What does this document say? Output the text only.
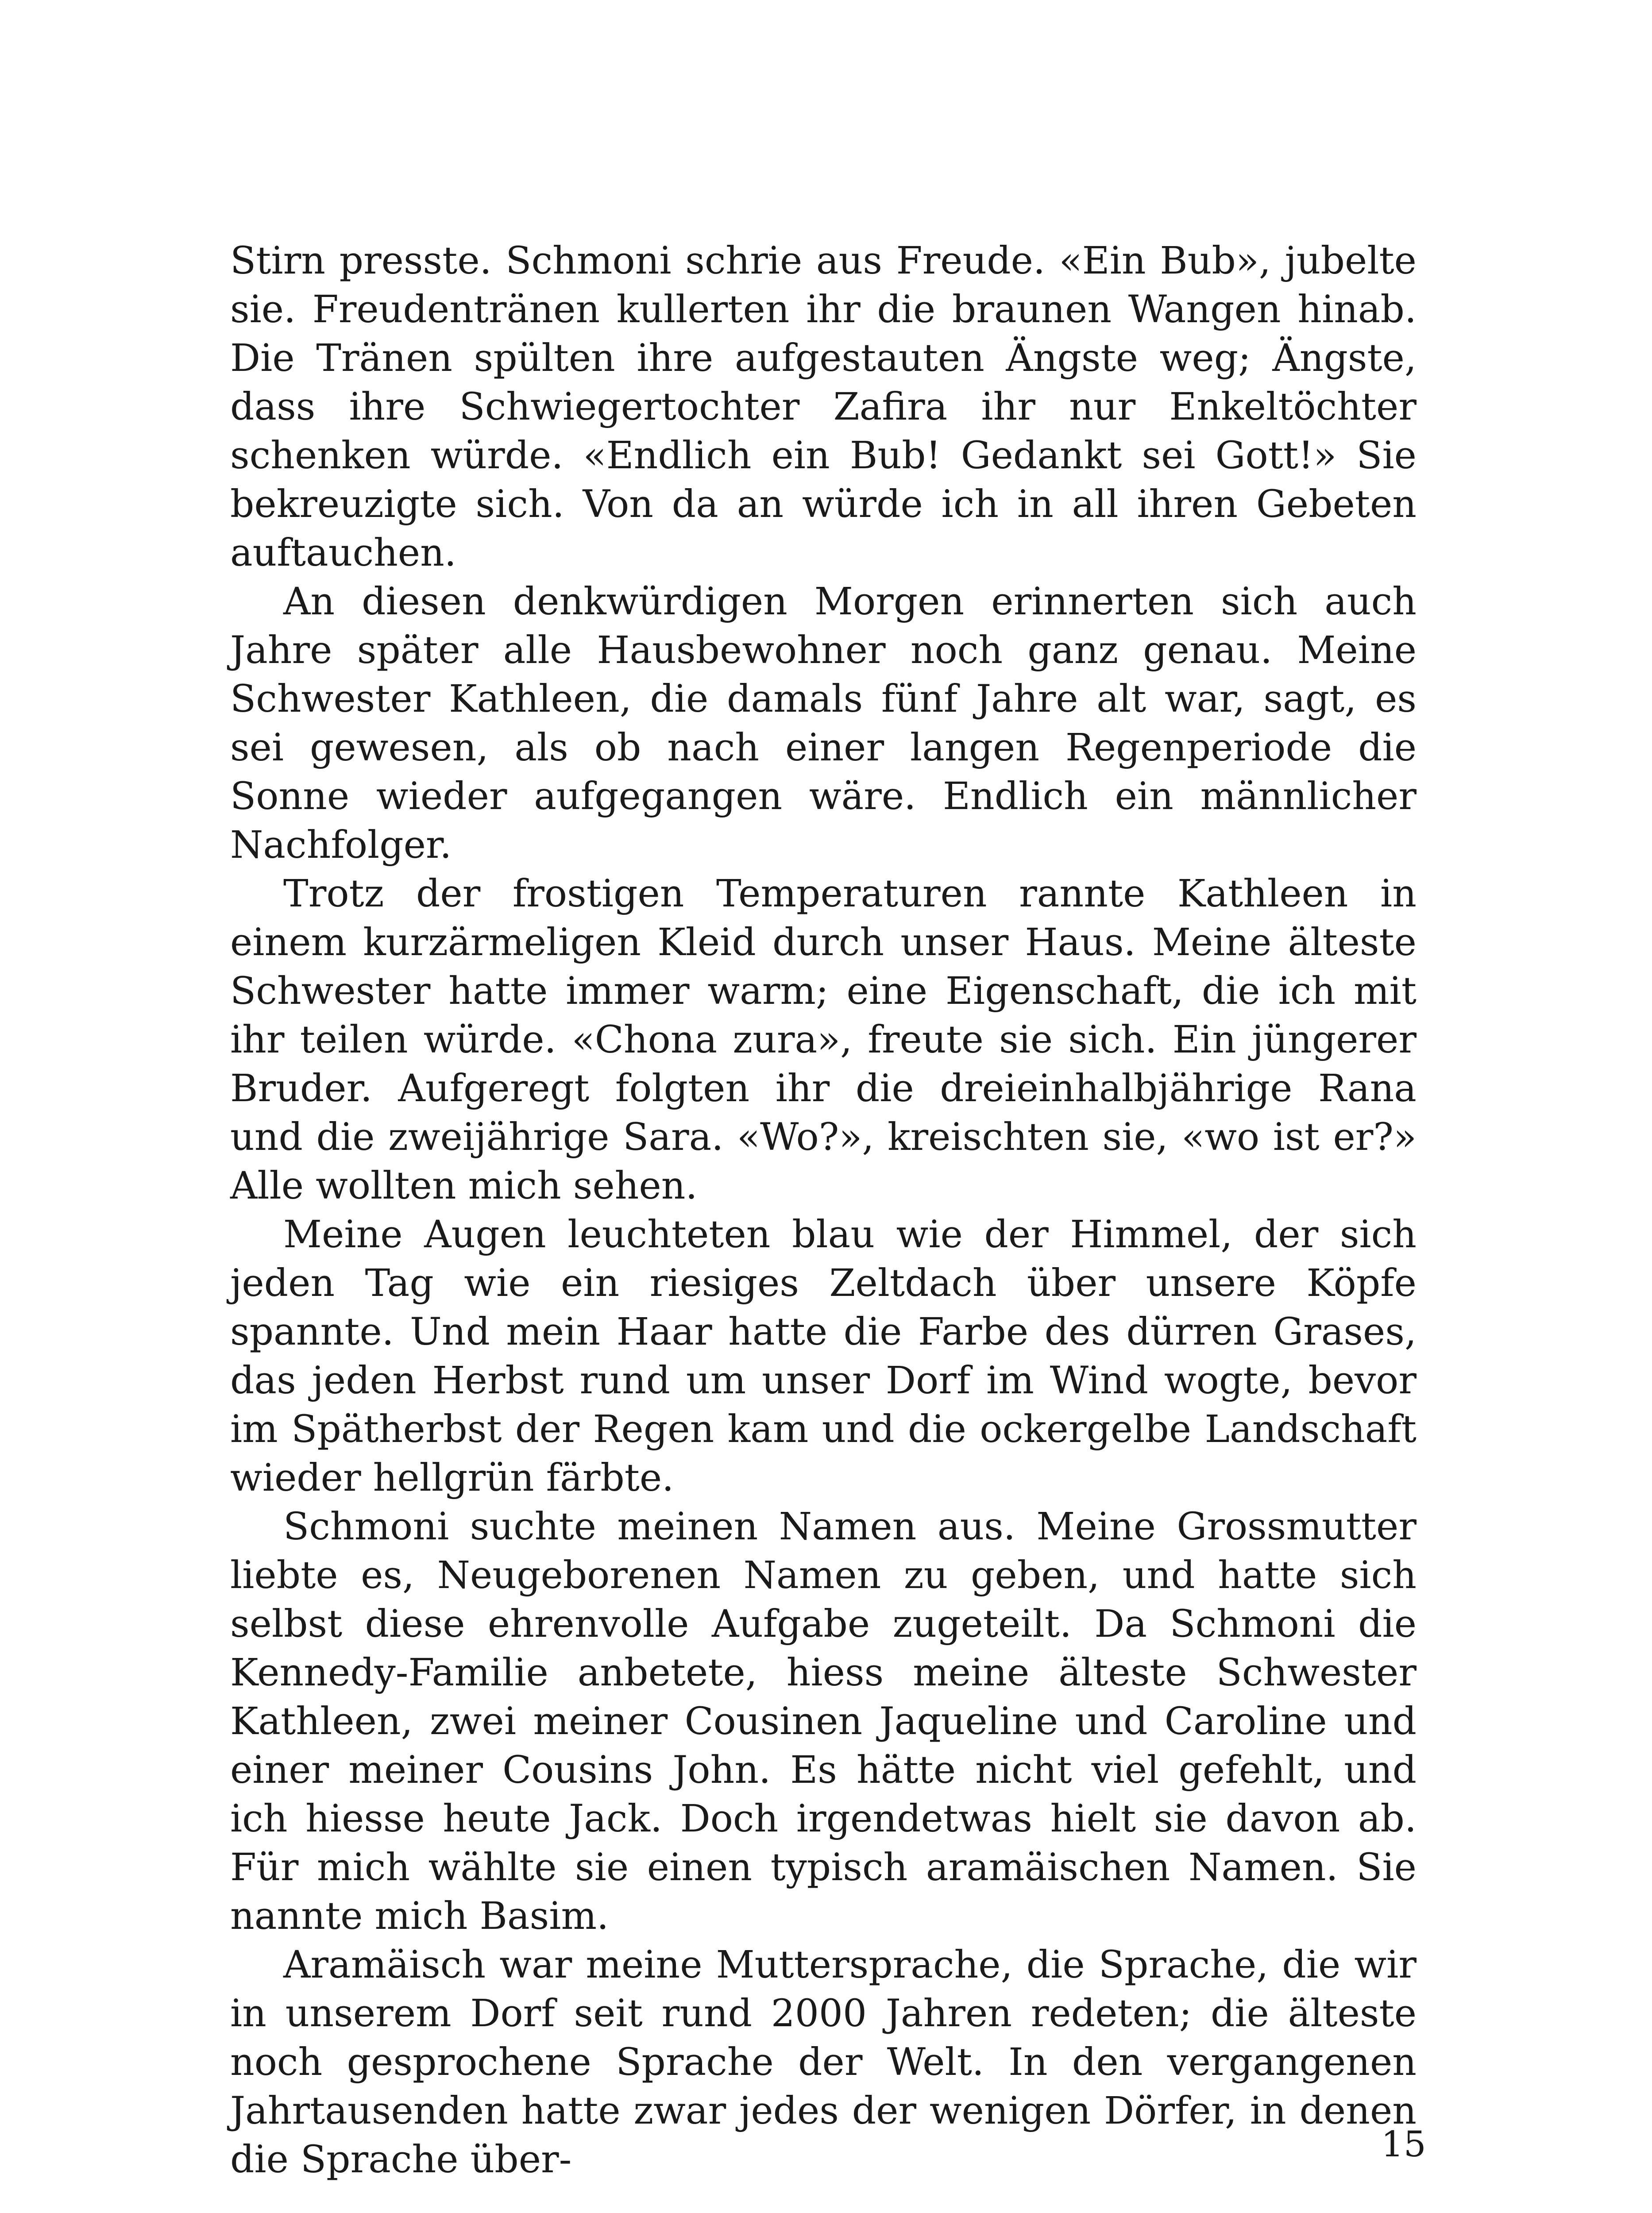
Stirn presste. Schmoni schrie aus Freude. «Ein Bub», jubelte sie. Freudentränen kullerten ihr die braunen Wangen hinab. Die Tränen spülten ihre aufgestauten Ängste weg; Ängste, dass ihre Schwiegertochter Zafira ihr nur Enkeltöchter schenken würde. «Endlich ein Bub! Gedankt sei Gott!» Sie bekreuzigte sich. Von da an würde ich in all ihren Gebeten auftauchen.

An diesen denkwürdigen Morgen erinnerten sich auch Jahre später alle Hausbewohner noch ganz genau. Meine Schwester Kathleen, die damals fünf Jahre alt war, sagt, es sei gewesen, als ob nach einer langen Regenperiode die Sonne wieder aufgegangen wäre. Endlich ein männlicher Nachfolger.

Trotz der frostigen Temperaturen rannte Kathleen in einem kurzärmeligen Kleid durch unser Haus. Meine älteste Schwester hatte immer warm; eine Eigenschaft, die ich mit ihr teilen würde. «Chona zura», freute sie sich. Ein jüngerer Bruder. Aufgeregt folgten ihr die dreieinhalbjährige Rana und die zweijährige Sara. «Wo?», kreischten sie, «wo ist er?» Alle wollten mich sehen.

Meine Augen leuchteten blau wie der Himmel, der sich jeden Tag wie ein riesiges Zeltdach über unsere Köpfe spannte. Und mein Haar hatte die Farbe des dürren Grases, das jeden Herbst rund um unser Dorf im Wind wogte, bevor im Spätherbst der Regen kam und die ockergelbe Landschaft wieder hellgrün färbte.

Schmoni suchte meinen Namen aus. Meine Grossmutter liebte es, Neugeborenen Namen zu geben, und hatte sich selbst diese ehrenvolle Aufgabe zugeteilt. Da Schmoni die Kennedy-Familie anbetete, hiess meine älteste Schwester Kathleen, zwei meiner Cousinen Jaqueline und Caroline und einer meiner Cousins John. Es hätte nicht viel gefehlt, und ich hiesse heute Jack. Doch irgendetwas hielt sie davon ab. Für mich wählte sie einen typisch aramäischen Namen. Sie nannte mich Basim.

Aramäisch war meine Muttersprache, die Sprache, die wir in unserem Dorf seit rund 2000 Jahren redeten; die älteste noch gesprochene Sprache der Welt. In den vergangenen Jahrtausenden hatte zwar jedes der wenigen Dörfer, in denen die Sprache über-	15
